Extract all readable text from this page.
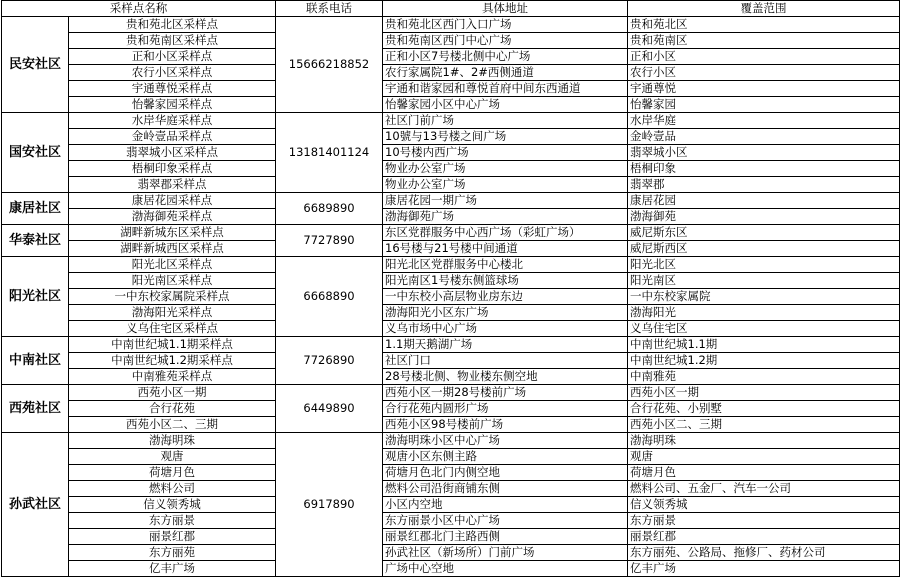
采样点名称		联系电话	具体地址	覆盖范围
民安社区	贵和苑北区采样点	15666218852	贵和苑北区西门入口广场	贵和苑北区
	贵和苑南区采样点		贵和苑南区西门中心广场	贵和苑南区
	正和小区采样点		正和小区7号楼北侧中心广场	正和小区
	农行小区采样点		农行家属院1#、2#西侧通道	农行小区
	宇通尊悦采样点		宇通和谐家园和尊悦首府中间东西通道	宇通尊悦
	怡馨家园采样点		怡馨家园小区中心广场	怡馨家园
国安社区	水岸华庭采样点	13181401124	社区门前广场	水岸华庭
	金岭壹品采样点		10號与13号楼之间广场	金岭壹品
	翡翠城小区采样点		10号楼内西广场	翡翠城小区
	梧桐印象采样点		物业办公室广场	梧桐印象
	翡翠郡采样点		物业办公室广场	翡翠郡
康居社区	康居花园采样点	6689890	康居花园一期广场	康居花园
	渤海御苑采样点		渤海御苑广场	渤海御苑
华泰社区	湖畔新城东区采样点	7727890	东区党群服务中心西广场（彩虹广场）	威尼斯东区
	湖畔新城西区采样点		16号楼与21号楼中间通道	威尼斯西区
阳光社区	阳光北区采样点	6668890	阳光北区党群服务中心楼北	阳光北区
	阳光南区采样点		阳光南区1号楼东侧篮球场	阳光南区
	一中东校家属院采样点		一中东校小高层物业房东边	一中东校家属院
	渤海阳光采样点		渤海阳光小区东广场	渤海阳光
	义乌住宅区采样点		义乌市场中心广场	义乌住宅区
中南社区	中南世纪城1.1期采样点	7726890	1.1期天鹅湖广场	中南世纪城1.1期
	中南世纪城1.2期采样点		社区门口	中南世纪城1.2期
	中南雅苑采样点		28号楼北侧、物业楼东侧空地	中南雅苑
西苑社区	西苑小区一期	6449890	西苑小区一期28号楼前广场	西苑小区一期
	合行花苑		合行花苑内圆形广场	合行花苑、小别墅
	西苑小区二、三期		西苑小区98号楼前广场	西苑小区二、三期
孙武社区	渤海明珠	6917890	渤海明珠小区中心广场	渤海明珠
	观唐		观唐小区东侧主路	观唐
	荷塘月色		荷塘月色北门内侧空地	荷塘月色
	燃料公司		燃料公司沿街商铺东侧	燃料公司、五金厂、汽车一公司
	信义领秀城		小区内空地	信义领秀城
	东方丽景		东方丽景小区中心广场	东方丽景
	丽景红郡		丽景红郡北门主路西侧	丽景红郡
	东方丽苑		孙武社区（新场所）门前广场	东方丽苑、公路局、拖修厂、药材公司
	亿丰广场		广场中心空地	亿丰广场
